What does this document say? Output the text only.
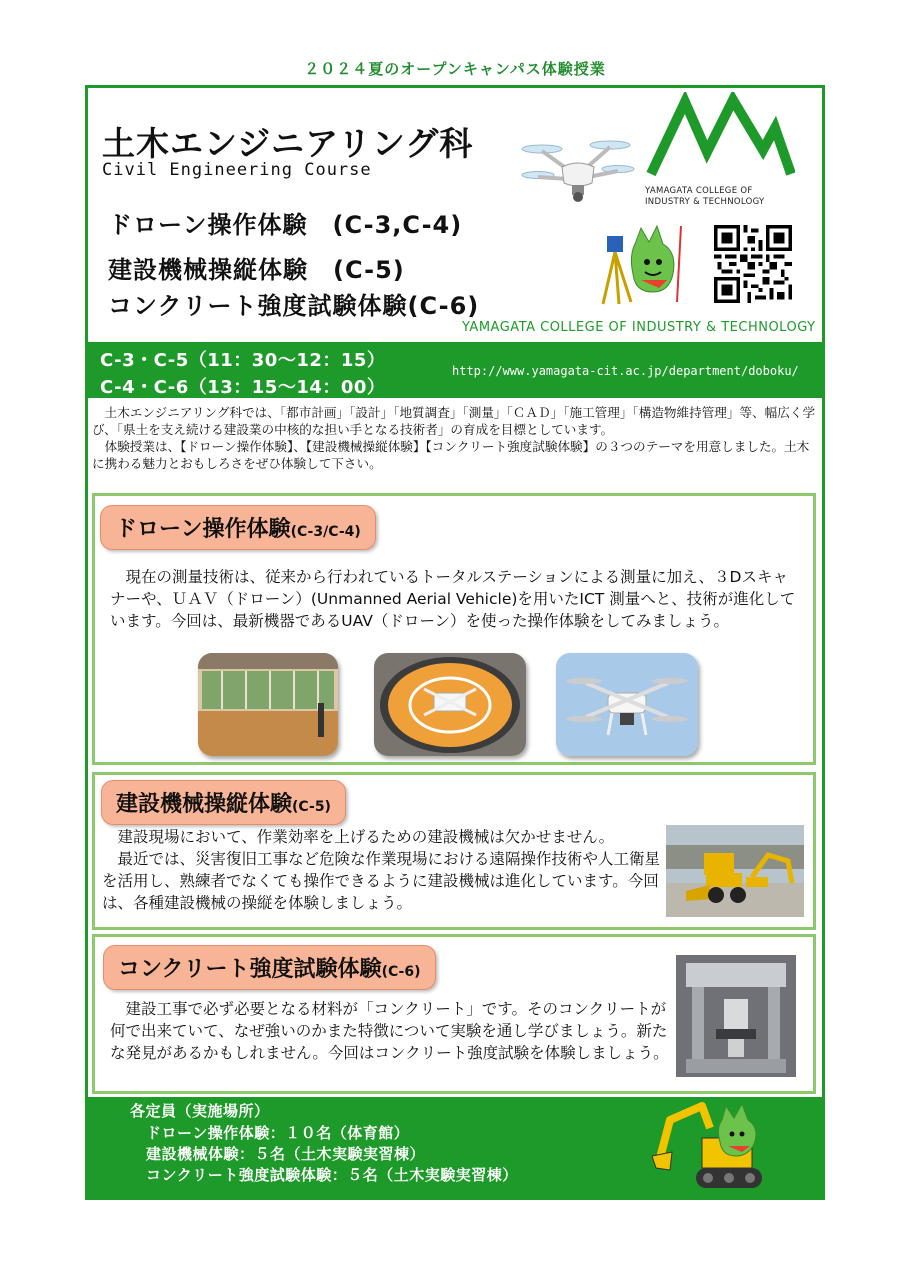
２０２４夏のオープンキャンパス体験授業
土木エンジニアリング科
Civil Engineering Course
ドローン操作体験　(C-3,C-4)
建設機械操縦体験　(C-5)
コンクリート強度試験体験(C-6)
YAMAGATA COLLEGE OF INDUSTRY & TECHNOLOGY
YAMAGATA COLLEGE OF
INDUSTRY & TECHNOLOGY
C-3・C-5（11：30～12：15）
C-4・C-6（13：15～14：00）
http://www.yamagata-cit.ac.jp/department/doboku/

土木エンジニアリング科では、「都市計画」「設計」「地質調査」「測量」「ＣＡＤ」「施工管理」「構造物維持管理」等、幅広く学び、「県土を支え続ける建設業の中核的な担い手となる技術者」の育成を目標としています。

体験授業は、【ドローン操作体験】、【建設機械操縦体験】【コンクリート強度試験体験】の３つのテーマを用意しました。土木に携わる魅力とおもしろさをぜひ体験して下さい。

ドローン操作体験(C-3/C-4)

現在の測量技術は、従来から行われているトータルステーションによる測量に加え、３Dスキャナーや、ＵＡＶ（ドローン）(Unmanned Aerial Vehicle)を用いたICT 測量へと、技術が進化しています。今回は、最新機器であるUAV（ドローン）を使った操作体験をしてみましょう。

建設機械操縦体験(C-5)

建設現場において、作業効率を上げるための建設機械は欠かせません。

最近では、災害復旧工事など危険な作業現場における遠隔操作技術や人工衛星を活用し、熟練者でなくても操作できるように建設機械は進化しています。今回は、各種建設機械の操縦を体験しましょう。

コンクリート強度試験体験(C-6)

建設工事で必ず必要となる材料が「コンクリート」です。そのコンクリートが何で出来ていて、なぜ強いのかまた特徴について実験を通し学びましょう。新たな発見があるかもしれません。今回はコンクリート強度試験を体験しましょう。

各定員（実施場所）
ドローン操作体験：１０名（体育館）
建設機械体験：５名（土木実験実習棟）
コンクリート強度試験体験：５名（土木実験実習棟）
